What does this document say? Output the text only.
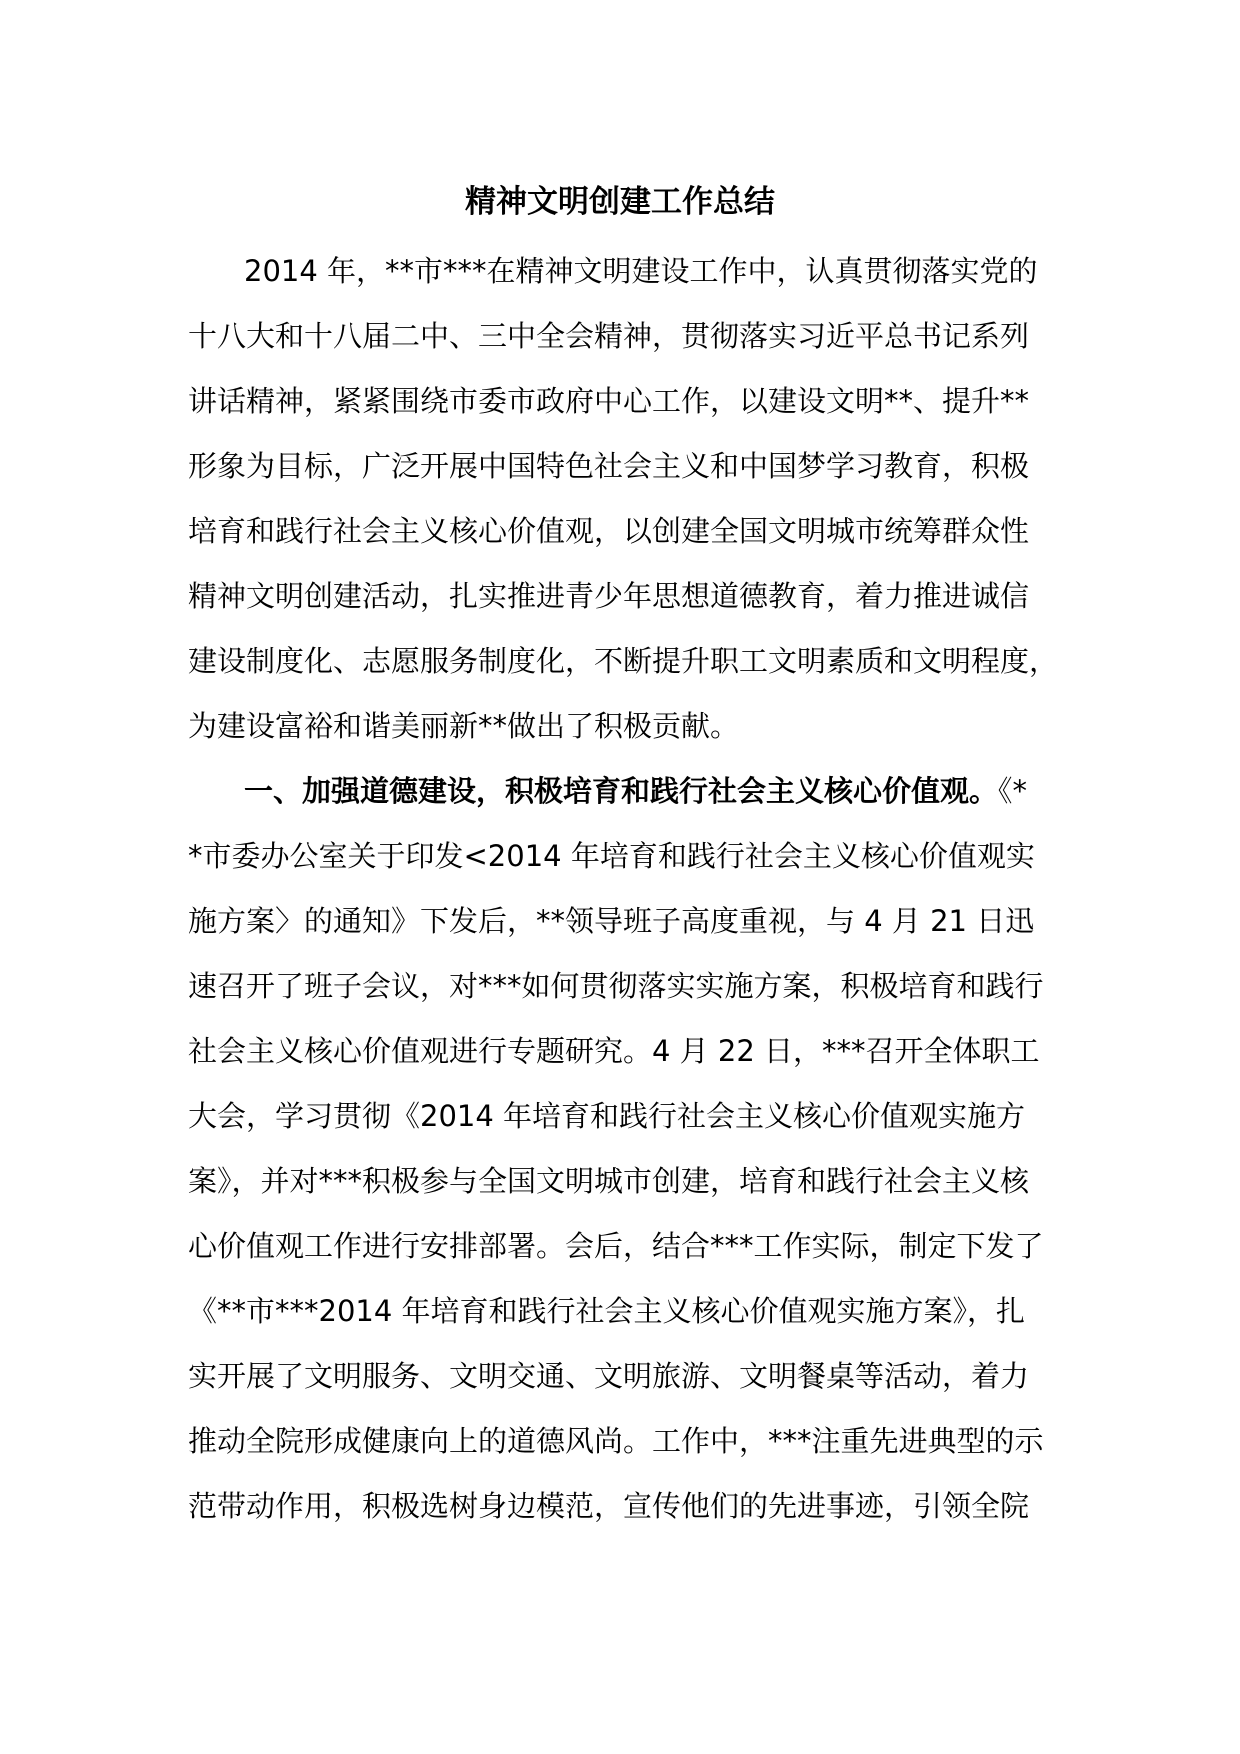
精神文明创建工作总结
2014 年，**市***在精神文明建设工作中，认真贯彻落实党的
十八大和十八届二中、三中全会精神，贯彻落实习近平总书记系列
讲话精神，紧紧围绕市委市政府中心工作，以建设文明**、提升**
形象为目标，广泛开展中国特色社会主义和中国梦学习教育，积极
培育和践行社会主义核心价值观，以创建全国文明城市统筹群众性
精神文明创建活动，扎实推进青少年思想道德教育，着力推进诚信
建设制度化、志愿服务制度化，不断提升职工文明素质和文明程度，
为建设富裕和谐美丽新**做出了积极贡献。
一、加强道德建设，积极培育和践行社会主义核心价值观。《*
*市委办公室关于印发<2014 年培育和践行社会主义核心价值观实
施方案〉的通知》下发后，**领导班子高度重视，与 4 月 21 日迅
速召开了班子会议，对***如何贯彻落实实施方案，积极培育和践行
社会主义核心价值观进行专题研究。4 月 22 日，***召开全体职工
大会，学习贯彻《2014 年培育和践行社会主义核心价值观实施方
案》，并对***积极参与全国文明城市创建，培育和践行社会主义核
心价值观工作进行安排部署。会后，结合***工作实际，制定下发了
《**市***2014 年培育和践行社会主义核心价值观实施方案》，扎
实开展了文明服务、文明交通、文明旅游、文明餐桌等活动，着力
推动全院形成健康向上的道德风尚。工作中，***注重先进典型的示
范带动作用，积极选树身边模范，宣传他们的先进事迹，引领全院
